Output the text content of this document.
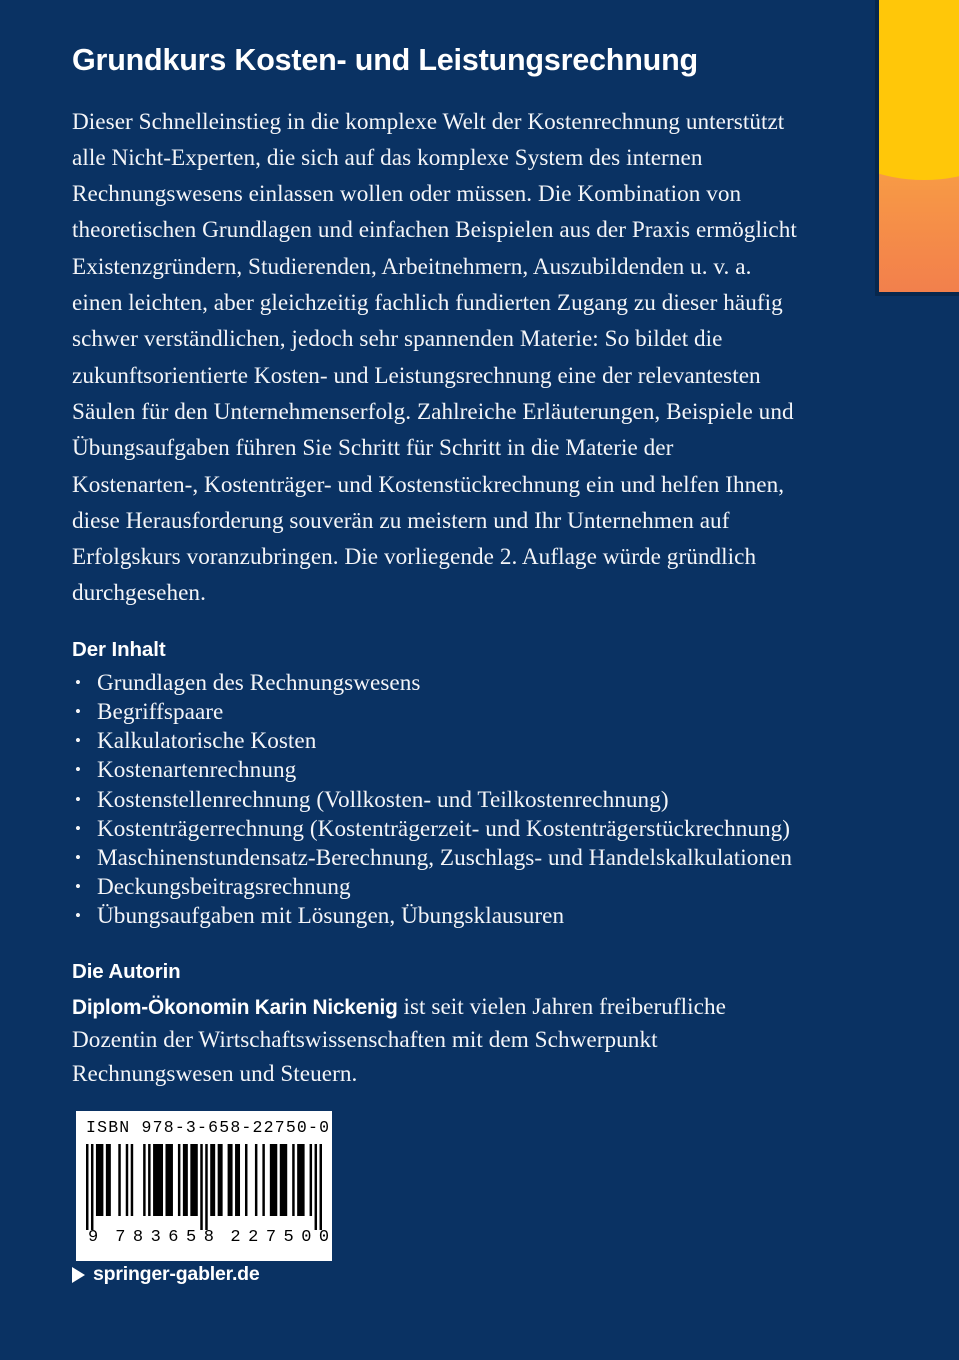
Grundkurs Kosten- und Leistungsrechnung

Dieser Schnelleinstieg in die komplexe Welt der Kostenrechnung unterstützt alle Nicht-Experten, die sich auf das komplexe System des internen Rechnungswesens einlassen wollen oder müssen. Die Kombination von theoretischen Grundlagen und einfachen Beispielen aus der Praxis ermöglicht Existenzgründern, Studierenden, Arbeitnehmern, Auszubildenden u. v. a. einen leichten, aber gleichzeitig fachlich fundierten Zugang zu dieser häufig schwer verständlichen, jedoch sehr spannenden Materie: So bildet die zukunftsorientierte Kosten- und Leistungsrechnung eine der relevantesten Säulen für den Unternehmenserfolg. Zahlreiche Erläuterungen, Beispiele und Übungsaufgaben führen Sie Schritt für Schritt in die Materie der Kostenarten-, Kostenträger- und Kostenstückrechnung ein und helfen Ihnen, diese Herausforderung souverän zu meistern und Ihr Unternehmen auf Erfolgskurs voranzubringen. Die vorliegende 2. Auflage würde gründlich durchgesehen.

Der Inhalt
• Grundlagen des Rechnungswesens
• Begriffspaare
• Kalkulatorische Kosten
• Kostenartenrechnung
• Kostenstellenrechnung (Vollkosten- und Teilkostenrechnung)
• Kostenträgerrechnung (Kostenträgerzeit- und Kostenträgerstückrechnung)
• Maschinenstundensatz-Berechnung, Zuschlags- und Handelskalkulationen
• Deckungsbeitragsrechnung
• Übungsaufgaben mit Lösungen, Übungsklausuren
Die Autorin

Diplom-Ökonomin Karin Nickenig ist seit vielen Jahren freiberufliche Dozentin der Wirtschaftswissenschaften mit dem Schwerpunkt Rechnungswesen und Steuern.

ISBN 978-3-658-22750-0
9 783658 227500
springer-gabler.de
